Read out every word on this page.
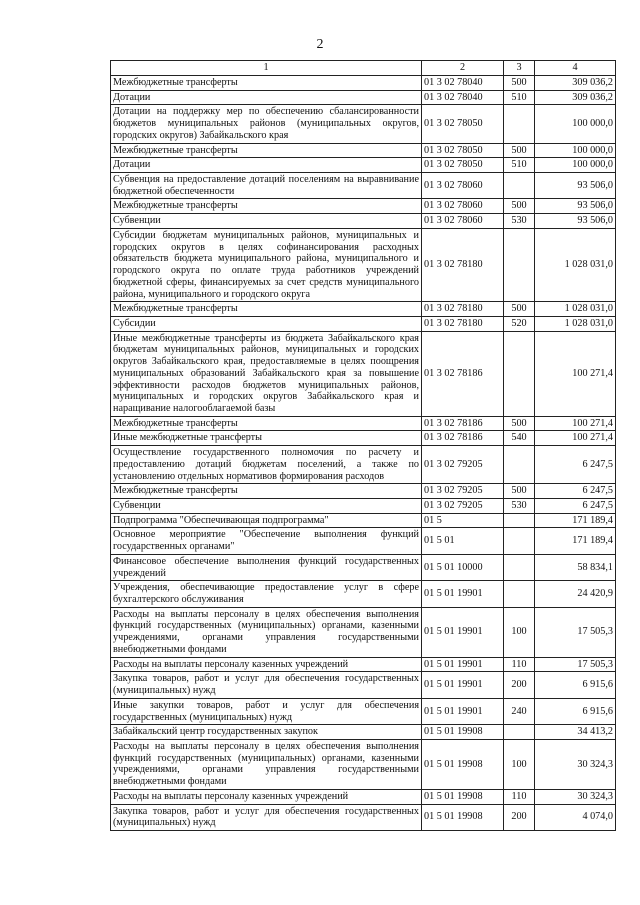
2
1	2	3	4
Межбюджетные трансферты	01 3 02 78040	500	309 036,2
Дотации	01 3 02 78040	510	309 036,2
Дотации на поддержку мер по обеспечению сбалансированности бюджетов муниципальных районов (муниципальных округов, городских округов) Забайкальского края	01 3 02 78050		100 000,0
Межбюджетные трансферты	01 3 02 78050	500	100 000,0
Дотации	01 3 02 78050	510	100 000,0
Субвенция на предоставление дотаций поселениям на выравнивание бюджетной обеспеченности	01 3 02 78060		93 506,0
Межбюджетные трансферты	01 3 02 78060	500	93 506,0
Субвенции	01 3 02 78060	530	93 506,0
Субсидии бюджетам муниципальных районов, муниципальных и городских округов в целях софинансирования расходных обязательств бюджета муниципального района, муниципального и городского округа по оплате труда работников учреждений бюджетной сферы, финансируемых за счет средств муниципального района, муниципального и городского округа	01 3 02 78180		1 028 031,0
Межбюджетные трансферты	01 3 02 78180	500	1 028 031,0
Субсидии	01 3 02 78180	520	1 028 031,0
Иные межбюджетные трансферты из бюджета Забайкальского края бюджетам муниципальных районов, муниципальных и городских округов Забайкальского края, предоставляемые в целях поощрения муниципальных образований Забайкальского края за повышение эффективности расходов бюджетов муниципальных районов, муниципальных и городских округов Забайкальского края и наращивание налогооблагаемой базы	01 3 02 78186		100 271,4
Межбюджетные трансферты	01 3 02 78186	500	100 271,4
Иные межбюджетные трансферты	01 3 02 78186	540	100 271,4
Осуществление государственного полномочия по расчету и предоставлению дотаций бюджетам поселений, а также по установлению отдельных нормативов формирования расходов	01 3 02 79205		6 247,5
Межбюджетные трансферты	01 3 02 79205	500	6 247,5
Субвенции	01 3 02 79205	530	6 247,5
Подпрограмма "Обеспечивающая подпрограмма"	01 5		171 189,4
Основное мероприятие "Обеспечение выполнения функций государственных органами"	01 5 01		171 189,4
Финансовое обеспечение выполнения функций государственных учреждений	01 5 01 10000		58 834,1
Учреждения, обеспечивающие предоставление услуг в сфере бухгалтерского обслуживания	01 5 01 19901		24 420,9
Расходы на выплаты персоналу в целях обеспечения выполнения функций государственных (муниципальных) органами, казенными учреждениями, органами управления государственными внебюджетными фондами	01 5 01 19901	100	17 505,3
Расходы на выплаты персоналу казенных учреждений	01 5 01 19901	110	17 505,3
Закупка товаров, работ и услуг для обеспечения государственных (муниципальных) нужд	01 5 01 19901	200	6 915,6
Иные закупки товаров, работ и услуг для обеспечения государственных (муниципальных) нужд	01 5 01 19901	240	6 915,6
Забайкальский центр государственных закупок	01 5 01 19908		34 413,2
Расходы на выплаты персоналу в целях обеспечения выполнения функций государственных (муниципальных) органами, казенными учреждениями, органами управления государственными внебюджетными фондами	01 5 01 19908	100	30 324,3
Расходы на выплаты персоналу казенных учреждений	01 5 01 19908	110	30 324,3
Закупка товаров, работ и услуг для обеспечения государственных (муниципальных) нужд	01 5 01 19908	200	4 074,0
